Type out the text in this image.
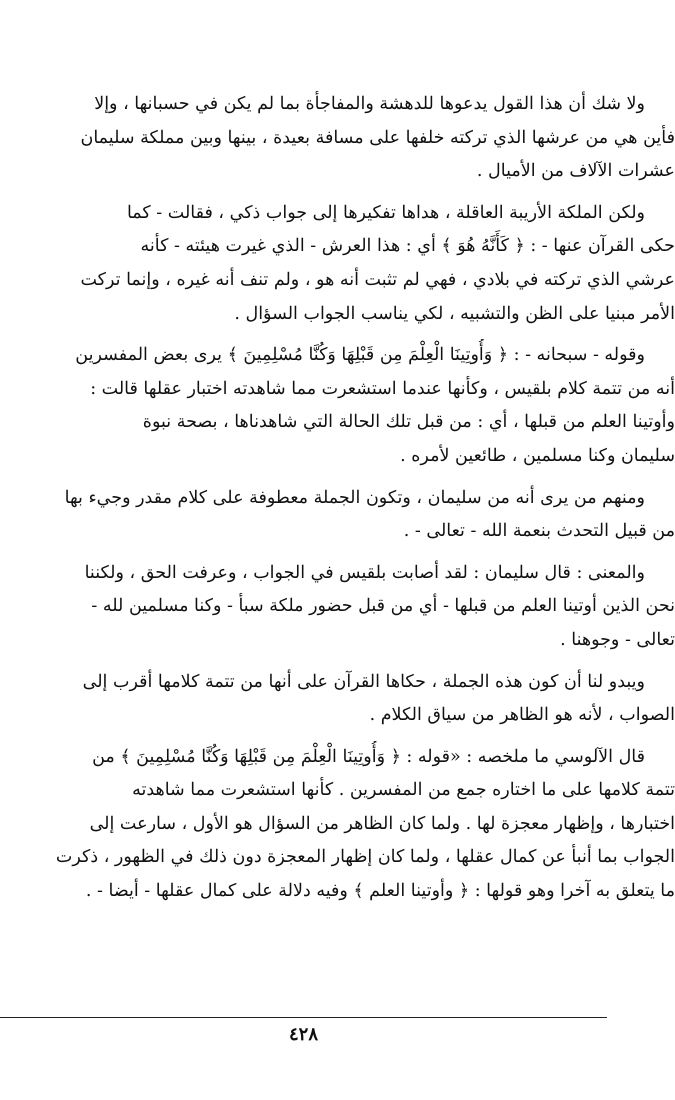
ولا شك أن هذا القول يدعوها للدهشة والمفاجأة بما لم يكن في حسبانها ، وإلا
فأين هي من عرشها الذي تركته خلفها على مسافة بعيدة ، بينها وبين مملكة سليمان
عشرات الآلاف من الأميال .
ولكن الملكة الأريبة العاقلة ، هداها تفكيرها إلى جواب ذكي ، فقالت - كما
حكى القرآن عنها - : ﴿ كَأَنَّهُ هُوَ ﴾ أي : هذا العرش - الذي غيرت هيئته - كأنه
عرشي الذي تركته في بلادي ، فهي لم تثبت أنه هو ، ولم تنف أنه غيره ، وإنما تركت
الأمر مبنيا على الظن والتشبيه ، لكي يناسب الجواب السؤال .
وقوله - سبحانه - : ﴿ وَأُوتِينَا الْعِلْمَ مِن قَبْلِهَا وَكُنَّا مُسْلِمِينَ ﴾ يرى بعض المفسرين
أنه من تتمة كلام بلقيس ، وكأنها عندما استشعرت مما شاهدته اختبار عقلها قالت :
وأوتينا العلم من قبلها ، أي : من قبل تلك الحالة التي شاهدناها ، بصحة نبوة
سليمان وكنا مسلمين ، طائعين لأمره .
ومنهم من يرى أنه من سليمان ، وتكون الجملة معطوفة على كلام مقدر وجيء بها
من قبيل التحدث بنعمة الله - تعالى - .
والمعنى : قال سليمان : لقد أصابت بلقيس في الجواب ، وعرفت الحق ، ولكننا
نحن الذين أوتينا العلم من قبلها - أي من قبل حضور ملكة سبأ - وكنا مسلمين لله -
تعالى - وجوهنا .
ويبدو لنا أن كون هذه الجملة ، حكاها القرآن على أنها من تتمة كلامها أقرب إلى
الصواب ، لأنه هو الظاهر من سياق الكلام .
قال الآلوسي ما ملخصه : «قوله : ﴿ وَأُوتِينَا الْعِلْمَ مِن قَبْلِهَا وَكُنَّا مُسْلِمِينَ ﴾ من
تتمة كلامها على ما اختاره جمع من المفسرين . كأنها استشعرت مما شاهدته
اختبارها ، وإظهار معجزة لها . ولما كان الظاهر من السؤال هو الأول ، سارعت إلى
الجواب بما أنبأ عن كمال عقلها ، ولما كان إظهار المعجزة دون ذلك في الظهور ، ذكرت
ما يتعلق به آخرا وهو قولها : ﴿ وأوتينا العلم ﴾ وفيه دلالة على كمال عقلها - أيضا - .
٤٢٨
